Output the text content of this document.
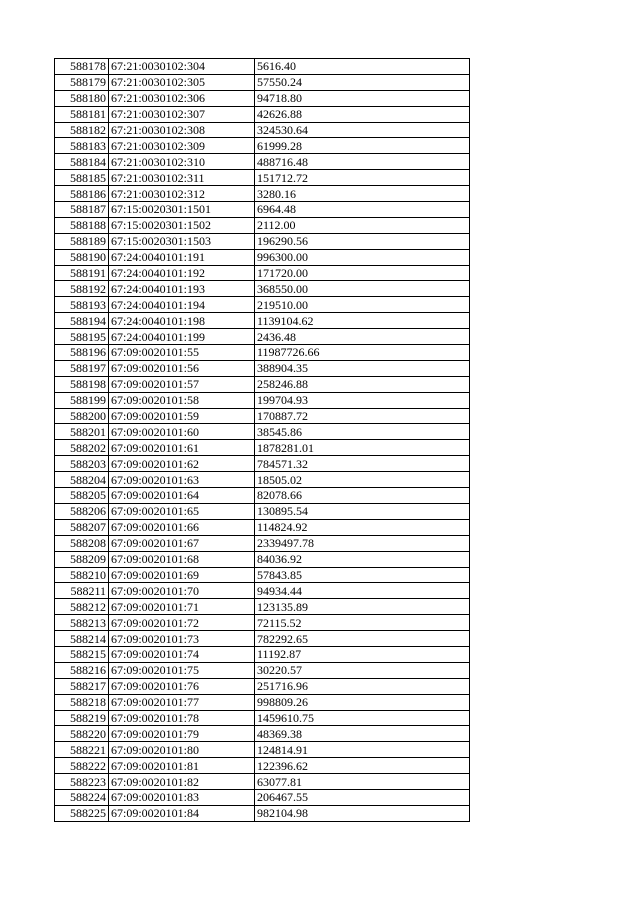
588178	67:21:0030102:304	5616.40
588179	67:21:0030102:305	57550.24
588180	67:21:0030102:306	94718.80
588181	67:21:0030102:307	42626.88
588182	67:21:0030102:308	324530.64
588183	67:21:0030102:309	61999.28
588184	67:21:0030102:310	488716.48
588185	67:21:0030102:311	151712.72
588186	67:21:0030102:312	3280.16
588187	67:15:0020301:1501	6964.48
588188	67:15:0020301:1502	2112.00
588189	67:15:0020301:1503	196290.56
588190	67:24:0040101:191	996300.00
588191	67:24:0040101:192	171720.00
588192	67:24:0040101:193	368550.00
588193	67:24:0040101:194	219510.00
588194	67:24:0040101:198	1139104.62
588195	67:24:0040101:199	2436.48
588196	67:09:0020101:55	11987726.66
588197	67:09:0020101:56	388904.35
588198	67:09:0020101:57	258246.88
588199	67:09:0020101:58	199704.93
588200	67:09:0020101:59	170887.72
588201	67:09:0020101:60	38545.86
588202	67:09:0020101:61	1878281.01
588203	67:09:0020101:62	784571.32
588204	67:09:0020101:63	18505.02
588205	67:09:0020101:64	82078.66
588206	67:09:0020101:65	130895.54
588207	67:09:0020101:66	114824.92
588208	67:09:0020101:67	2339497.78
588209	67:09:0020101:68	84036.92
588210	67:09:0020101:69	57843.85
588211	67:09:0020101:70	94934.44
588212	67:09:0020101:71	123135.89
588213	67:09:0020101:72	72115.52
588214	67:09:0020101:73	782292.65
588215	67:09:0020101:74	11192.87
588216	67:09:0020101:75	30220.57
588217	67:09:0020101:76	251716.96
588218	67:09:0020101:77	998809.26
588219	67:09:0020101:78	1459610.75
588220	67:09:0020101:79	48369.38
588221	67:09:0020101:80	124814.91
588222	67:09:0020101:81	122396.62
588223	67:09:0020101:82	63077.81
588224	67:09:0020101:83	206467.55
588225	67:09:0020101:84	982104.98
